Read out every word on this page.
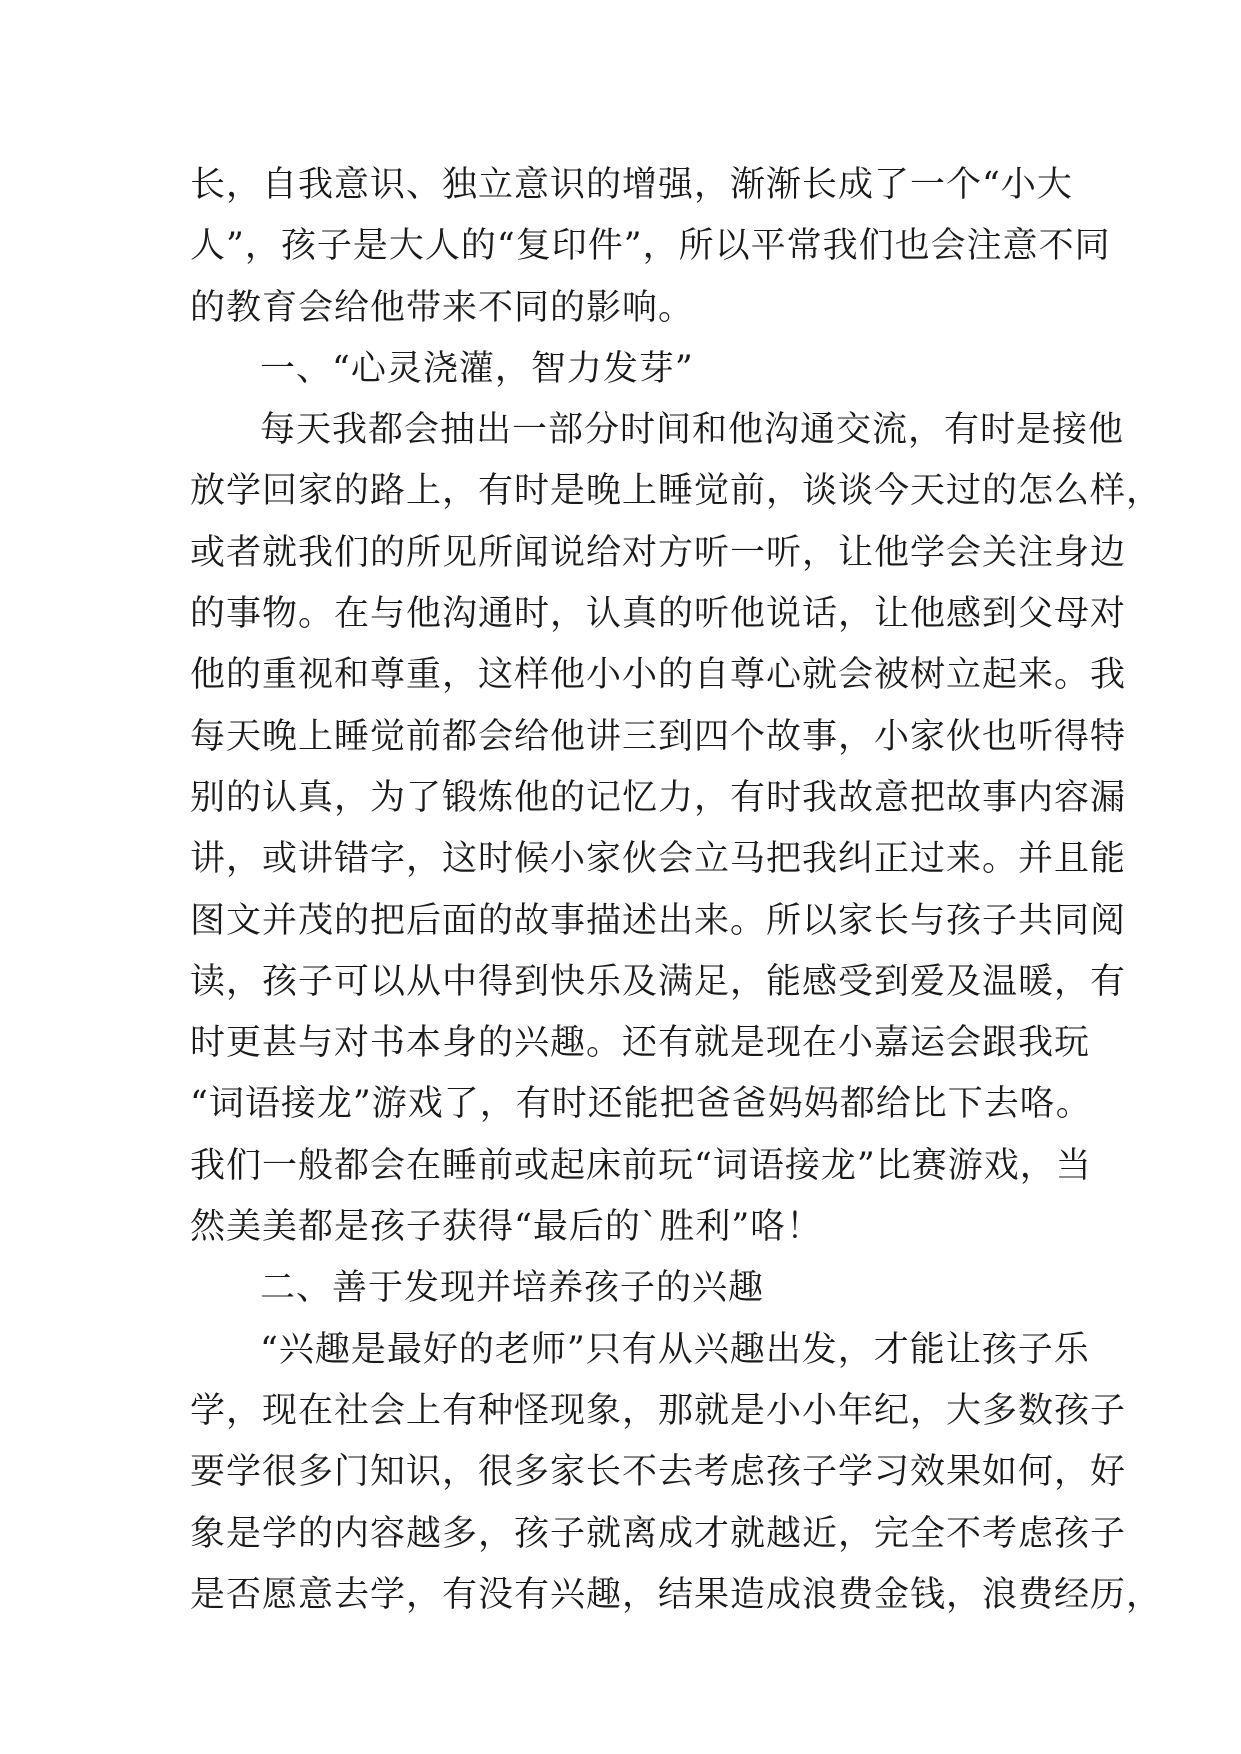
长，自我意识、独立意识的增强，渐渐长成了一个“小大
人”，孩子是大人的“复印件”，所以平常我们也会注意不同
的教育会给他带来不同的影响。
一、“心灵浇灌，智力发芽”
每天我都会抽出一部分时间和他沟通交流，有时是接他
放学回家的路上，有时是晚上睡觉前，谈谈今天过的怎么样，
或者就我们的所见所闻说给对方听一听，让他学会关注身边
的事物。在与他沟通时，认真的听他说话，让他感到父母对
他的重视和尊重，这样他小小的自尊心就会被树立起来。我
每天晚上睡觉前都会给他讲三到四个故事，小家伙也听得特
别的认真，为了锻炼他的记忆力，有时我故意把故事内容漏
讲，或讲错字，这时候小家伙会立马把我纠正过来。并且能
图文并茂的把后面的故事描述出来。所以家长与孩子共同阅
读，孩子可以从中得到快乐及满足，能感受到爱及温暖，有
时更甚与对书本身的兴趣。还有就是现在小嘉运会跟我玩
“词语接龙”游戏了，有时还能把爸爸妈妈都给比下去咯。
我们一般都会在睡前或起床前玩“词语接龙”比赛游戏，当
然美美都是孩子获得“最后的`胜利”咯！
二、善于发现并培养孩子的兴趣
“兴趣是最好的老师”只有从兴趣出发，才能让孩子乐
学，现在社会上有种怪现象，那就是小小年纪，大多数孩子
要学很多门知识，很多家长不去考虑孩子学习效果如何，好
象是学的内容越多，孩子就离成才就越近，完全不考虑孩子
是否愿意去学，有没有兴趣，结果造成浪费金钱，浪费经历，
